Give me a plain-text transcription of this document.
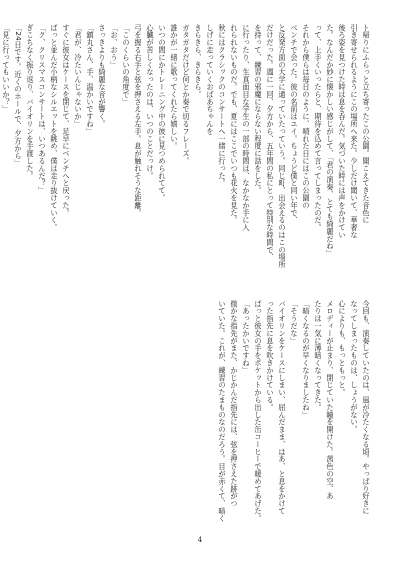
ト帰りにふらっと立ち寄ったこの公園。聞こえてきた音色に
引き寄せられるようにこの場所へ来た。少しだけ聞いて、華奢な
後ろ姿を見つけた時は息を呑んだ。気づいた時には声をかけてい
た。なんだか妙に懐かしい感じがして、「君の演奏、とても綺麗だね」
って、上手くいったらと、期待を込めて言ってしまったのだ。
それから僕らは毎日のように、晴れた日にはこの公園の
ベンチで会った。彼の名前はユイ。ちょうど僕と同い年で、
と反発方面の大学に通っていたっていう。同じ町、出会えるのはこの場所
だけだった。週に一回、夕方から、五年間の私にとって特別な時間で、
を持って、練習の邪魔にならない程度に話をした。
に行ったり、生真面目な学生の一部の時間は、なかなか手に入
れられないものだ。でも、夏にはここでいつも花火を見た。
秋にはクラシックのコンサートへ一緒に行った。
しげに走っていくおばあちゃんを
きらきら、きらきら。
ガタガタだけど何とか奏で切るフレーズ。
誰かが一緒に歌ってくれたら嬉しい。
いつの間にかトレーニング中の彼に見つめられてて。
心臓が苦しくなったのは、いつのことだっけ。
弓を握る右手と弦を押さえる左手。息が触れそうな距離。
「このくらいの角度で」
「お、おう」
さっきよりも綺麗な音が響く。
「鎮丸さん、手、温かいですね」
「君が、冷たいんじゃないか」
すぐに彼女はケースを閉じて、足早にベンチへと戻った。
ぱっと並んだ小柄なシルエットを眺め、僕は走り抜けていく。
「ク、クリスマスコンサートは、いつあるんだ？」
ぎこちなく振り返り、バイオリンを手渡した。
「24日です。近くのホールで、夕方から」
「見に行ってもいいか？」
今回も、演奏していたのは、風が冷たくなる頃。やっぱり好きに
なってしまったものは、しょうがない。
心によりも、もっともっと。
メロディーが止まり、閉じていた瞳を開けた。茜色の空、あ
たりは一気に薄暗くなってきた。
「暗くなるのが早くなりましたね」
「そうだな」
バイオリンをケースにしまい、屈んだまま、はあ、と息をかけて
った指先に息を吹きかけている。
ぱっと彼女の手をポケットから出した缶コーヒーで暖めてあげた。
「あったかいですね」
微かな指先がまた、かじかんだ指先には、弦を押さえた跡がつ
いていた。これが、練習のたまものなのだろう。目が赤くて、暗く
4
